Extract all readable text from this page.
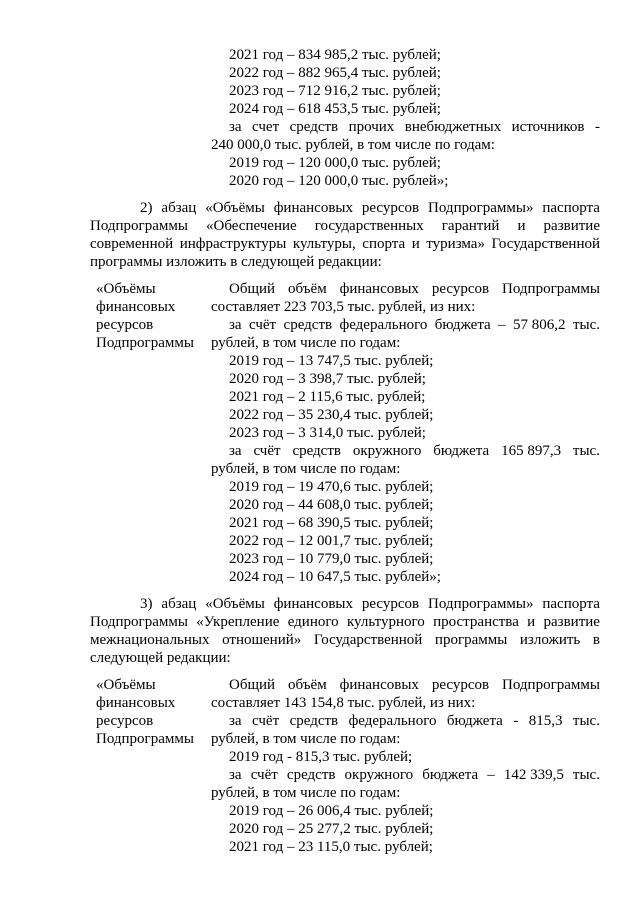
2021 год – 834 985,2 тыс. рублей;
2022 год – 882 965,4 тыс. рублей;
2023 год – 712 916,2 тыс. рублей;
2024 год – 618 453,5 тыс. рублей;
за счет средств прочих внебюджетных источников -
240 000,0 тыс. рублей, в том числе по годам:
2019 год – 120 000,0 тыс. рублей;
2020 год – 120 000,0 тыс. рублей»;
2) абзац «Объёмы финансовых ресурсов Подпрограммы» паспорта
Подпрограммы «Обеспечение государственных гарантий и развитие
современной инфраструктуры культуры, спорта и туризма» Государственной
программы изложить в следующей редакции:
«Объёмы
финансовых
ресурсов
Подпрограммы
Общий объём финансовых ресурсов Подпрограммы
составляет 223 703,5 тыс. рублей, из них:
за счёт средств федерального бюджета – 57 806,2 тыс.
рублей, в том числе по годам:
2019 год – 13 747,5 тыс. рублей;
2020 год – 3 398,7 тыс. рублей;
2021 год – 2 115,6 тыс. рублей;
2022 год – 35 230,4 тыс. рублей;
2023 год – 3 314,0 тыс. рублей;
за счёт средств окружного бюджета 165 897,3 тыс.
рублей, в том числе по годам:
2019 год – 19 470,6 тыс. рублей;
2020 год – 44 608,0 тыс. рублей;
2021 год – 68 390,5 тыс. рублей;
2022 год – 12 001,7 тыс. рублей;
2023 год – 10 779,0 тыс. рублей;
2024 год – 10 647,5 тыс. рублей»;
3) абзац «Объёмы финансовых ресурсов Подпрограммы» паспорта
Подпрограммы «Укрепление единого культурного пространства и развитие
межнациональных отношений» Государственной программы изложить в
следующей редакции:
«Объёмы
финансовых
ресурсов
Подпрограммы
Общий объём финансовых ресурсов Подпрограммы
составляет 143 154,8 тыс. рублей, из них:
за счёт средств федерального бюджета - 815,3 тыс.
рублей, в том числе по годам:
2019 год - 815,3 тыс. рублей;
за счёт средств окружного бюджета – 142 339,5 тыс.
рублей, в том числе по годам:
2019 год – 26 006,4 тыс. рублей;
2020 год – 25 277,2 тыс. рублей;
2021 год – 23 115,0 тыс. рублей;
